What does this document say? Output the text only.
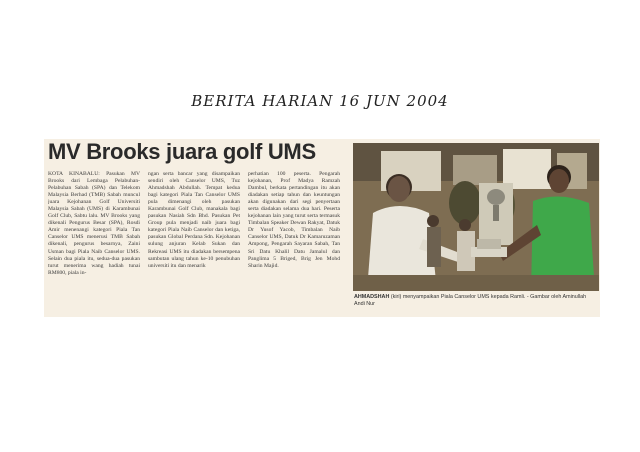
BERITA HARIAN 16 JUN 2004
MV Brooks juara golf UMS

KOTA KINABALU: Pasukan MV Brooks dari Lembaga Pelabuhan-Pelabuhan Sabah (SPA) dan Telekom Malaysia Berhad (TMB) Sabah muncul juara Kejohanan Golf Universiti Malaysia Sabah (UMS) di Karambunai Golf Club, Sabtu lalu. MV Brooks yang dikenali Pengurus Besar (SPA), Rosdi Amir menenangi kategori Piala Tan Canselor UMS menerusi TMB Sabah dikenali, pengurus besarnya, Zaini Usman bagi Piala Naib Canselor UMS. Selain dua piala itu, sedua-dua pasukan turut menerima wang hadiah tunai RM800, piala in-

ngan serta bancar yang disampaikan sendiri oleh Canselor UMS, Tuz Ahmadshah Abdullah. Tempat kedua bagi kategori Piala Tan Canselor UMS pula dimenangi oleh pasukan Karambunai Golf Club, manakala bagi pasukan Nasiah Sdn Bhd. Pasukan Pet Group pula menjadi naib juara bagi kategori Piala Naib Canselor dan ketiga, pasukan Global Perdana Sdn. Kejohanan sulung anjuran Kelab Sukan dan Rekreasi UMS itu diadakan bersempena sambutan ulang tahun ke-10 penubuhan universiti itu dan menarik

perhatian 100 peserta. Pengarah kejohanan, Prof Madya Ramzah Dambul, berkata pertandingan itu akan diadakan setiap tahun dan keuntungan akan digunakan dari segi penyertaan serta diadakan selama dua hari. Peserta kejohanan lain yang turut serta termasuk Timbalan Speaker Dewan Rakyat, Datuk Dr Yusof Yacob, Timbalan Naib Canselor UMS, Datuk Dr Kamaruzaman Ampong, Pengarah Sayaran Sabah, Tan Sri Datu Khalil Datu Jamalul dan Panglima 5 Briged, Brig Jen Mohd Sharin Majid.

AHMADSHAH (kiri) menyampaikan Piala Canselor UMS kepada Ramli. - Gambar oleh Aminullah Andi Nur
